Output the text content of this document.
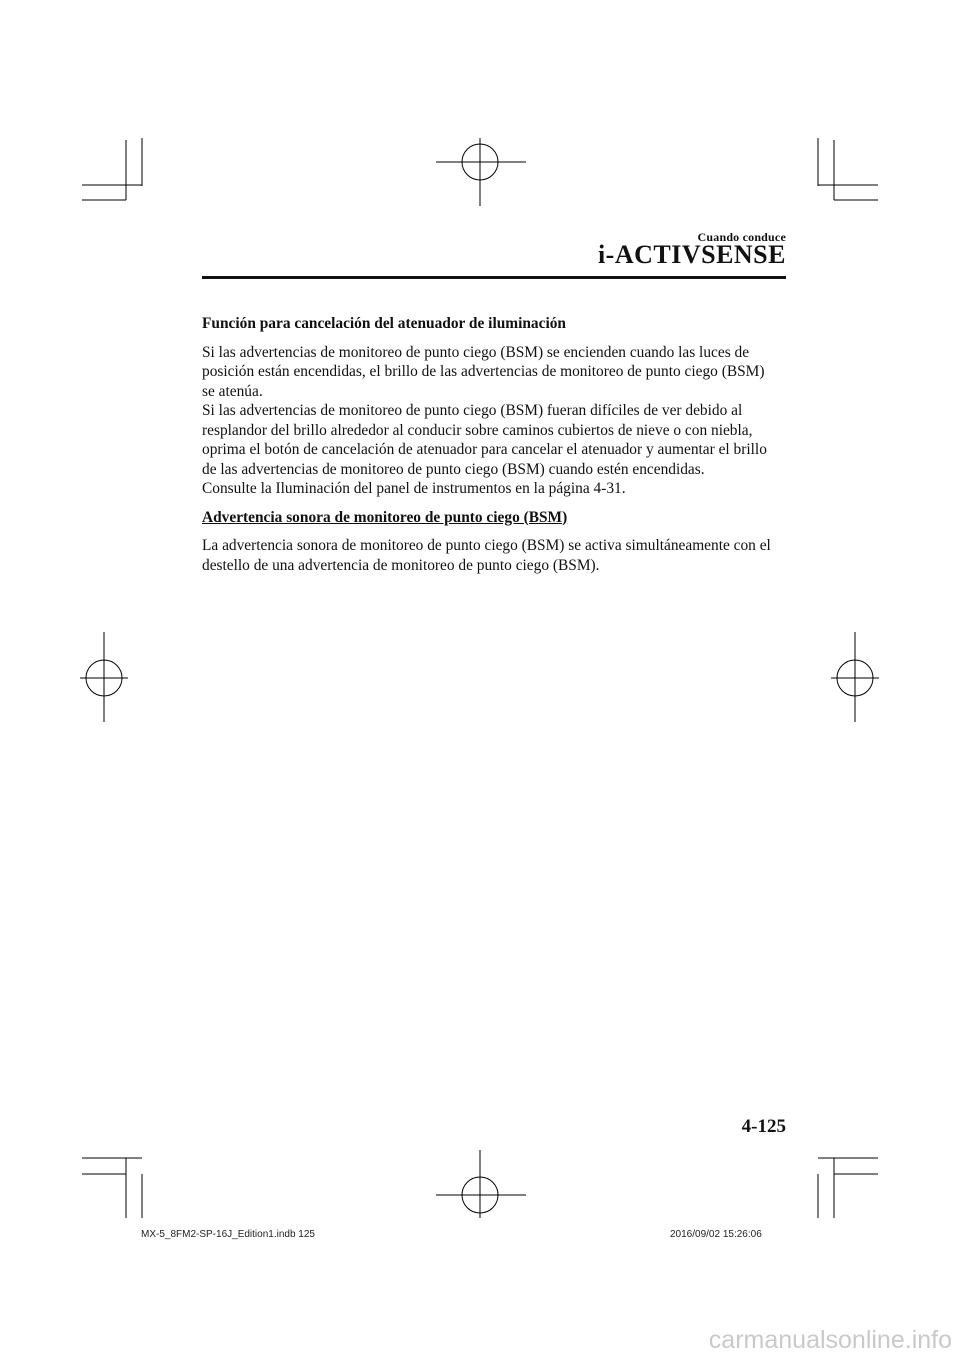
Cuando conduce
i-ACTIVSENSE

Función para cancelación del atenuador de iluminación

Si las advertencias de monitoreo de punto ciego (BSM) se encienden cuando las luces de
posición están encendidas, el brillo de las advertencias de monitoreo de punto ciego (BSM)
se atenúa.
Si las advertencias de monitoreo de punto ciego (BSM) fueran difíciles de ver debido al
resplandor del brillo alrededor al conducir sobre caminos cubiertos de nieve o con niebla,
oprima el botón de cancelación de atenuador para cancelar el atenuador y aumentar el brillo
de las advertencias de monitoreo de punto ciego (BSM) cuando estén encendidas.
Consulte la Iluminación del panel de instrumentos en la página 4-31.

Advertencia sonora de monitoreo de punto ciego (BSM)

La advertencia sonora de monitoreo de punto ciego (BSM) se activa simultáneamente con el
destello de una advertencia de monitoreo de punto ciego (BSM).

4-125
MX-5_8FM2-SP-16J_Edition1.indb 125	2016/09/02 15:26:06
carmanualsonline.info
